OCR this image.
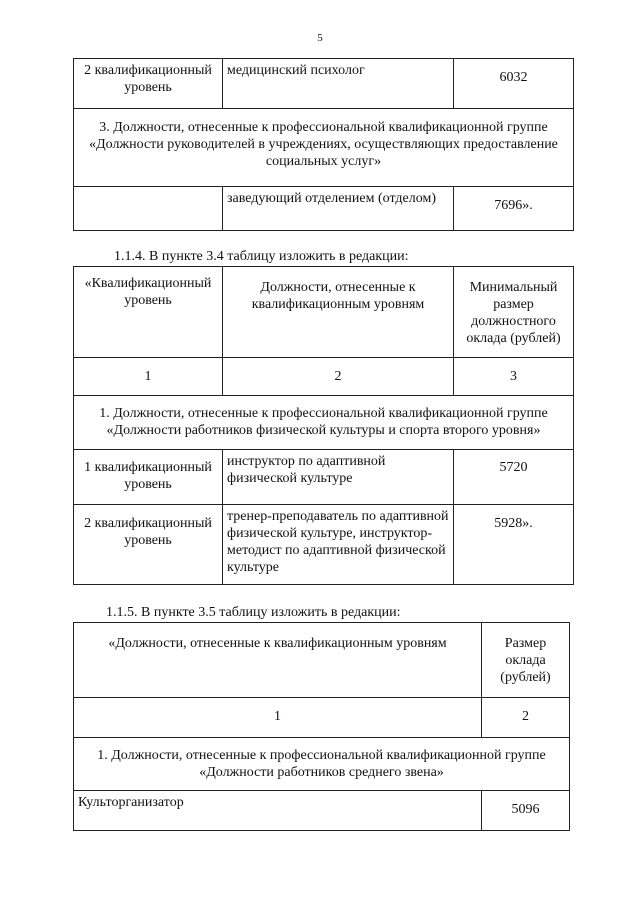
5
2 квалификационный уровень	медицинский психолог	6032
3. Должности, отнесенные к профессиональной квалификационной группе «Должности руководителей в учреждениях, осуществляющих предоставление социальных услуг»		
	заведующий отделением (отделом)	7696».
1.1.4. В пункте 3.4 таблицу изложить в редакции:
«Квалификационный уровень	Должности, отнесенные к квалификационным уровням	Минимальный размер должностного оклада (рублей)
1	2	3
1. Должности, отнесенные к профессиональной квалификационной группе «Должности работников физической культуры и спорта второго уровня»		
1 квалификационный уровень	инструктор по адаптивной физической культуре	5720
2 квалификационный уровень	тренер-преподаватель по адаптивной физической культуре, инструктор-методист по адаптивной физической культуре	5928».
1.1.5. В пункте 3.5 таблицу изложить в редакции:
«Должности, отнесенные к квалификационным уровням	Размер оклада (рублей)
1	2
1. Должности, отнесенные к профессиональной квалификационной группе «Должности работников среднего звена»	
Культорганизатор	5096
